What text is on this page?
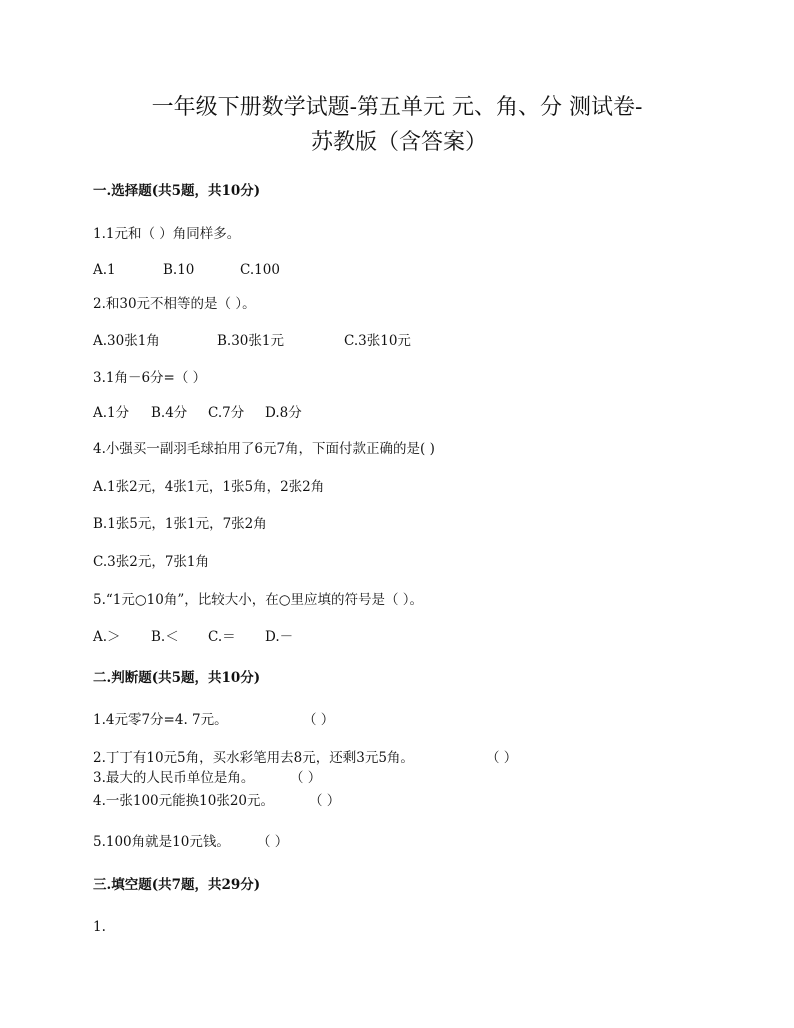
一年级下册数学试题-第五单元 元、角、分 测试卷-
苏教版（含答案）
一.选择题(共5题，共10分)
1.1元和（ ）角同样多。
A.1	B.10	C.100
2.和30元不相等的是（ ）。
A.30张1角	B.30张1元	C.3张10元
3.1角－6分=（ ）
A.1分 B.4分 C.7分 D.8分
4.小强买一副羽毛球拍用了6元7角，下面付款正确的是( )
A.1张2元，4张1元，1张5角，2张2角
B.1张5元，1张1元，7张2角
C.3张2元，7张1角
5.“1元○10角”，比较大小，在○里应填的符号是（ ）。
A.＞ B.＜ C.＝ D.－
二.判断题(共5题，共10分)
1.4元零7分=4. 7元。	（ ）
2.丁丁有10元5角，买水彩笔用去8元，还剩3元5角。	（ ）
3.最大的人民币单位是角。	（ ）
4.一张100元能换10张20元。	（ ）
5.100角就是10元钱。 （ ）
三.填空题(共7题，共29分)
1.
